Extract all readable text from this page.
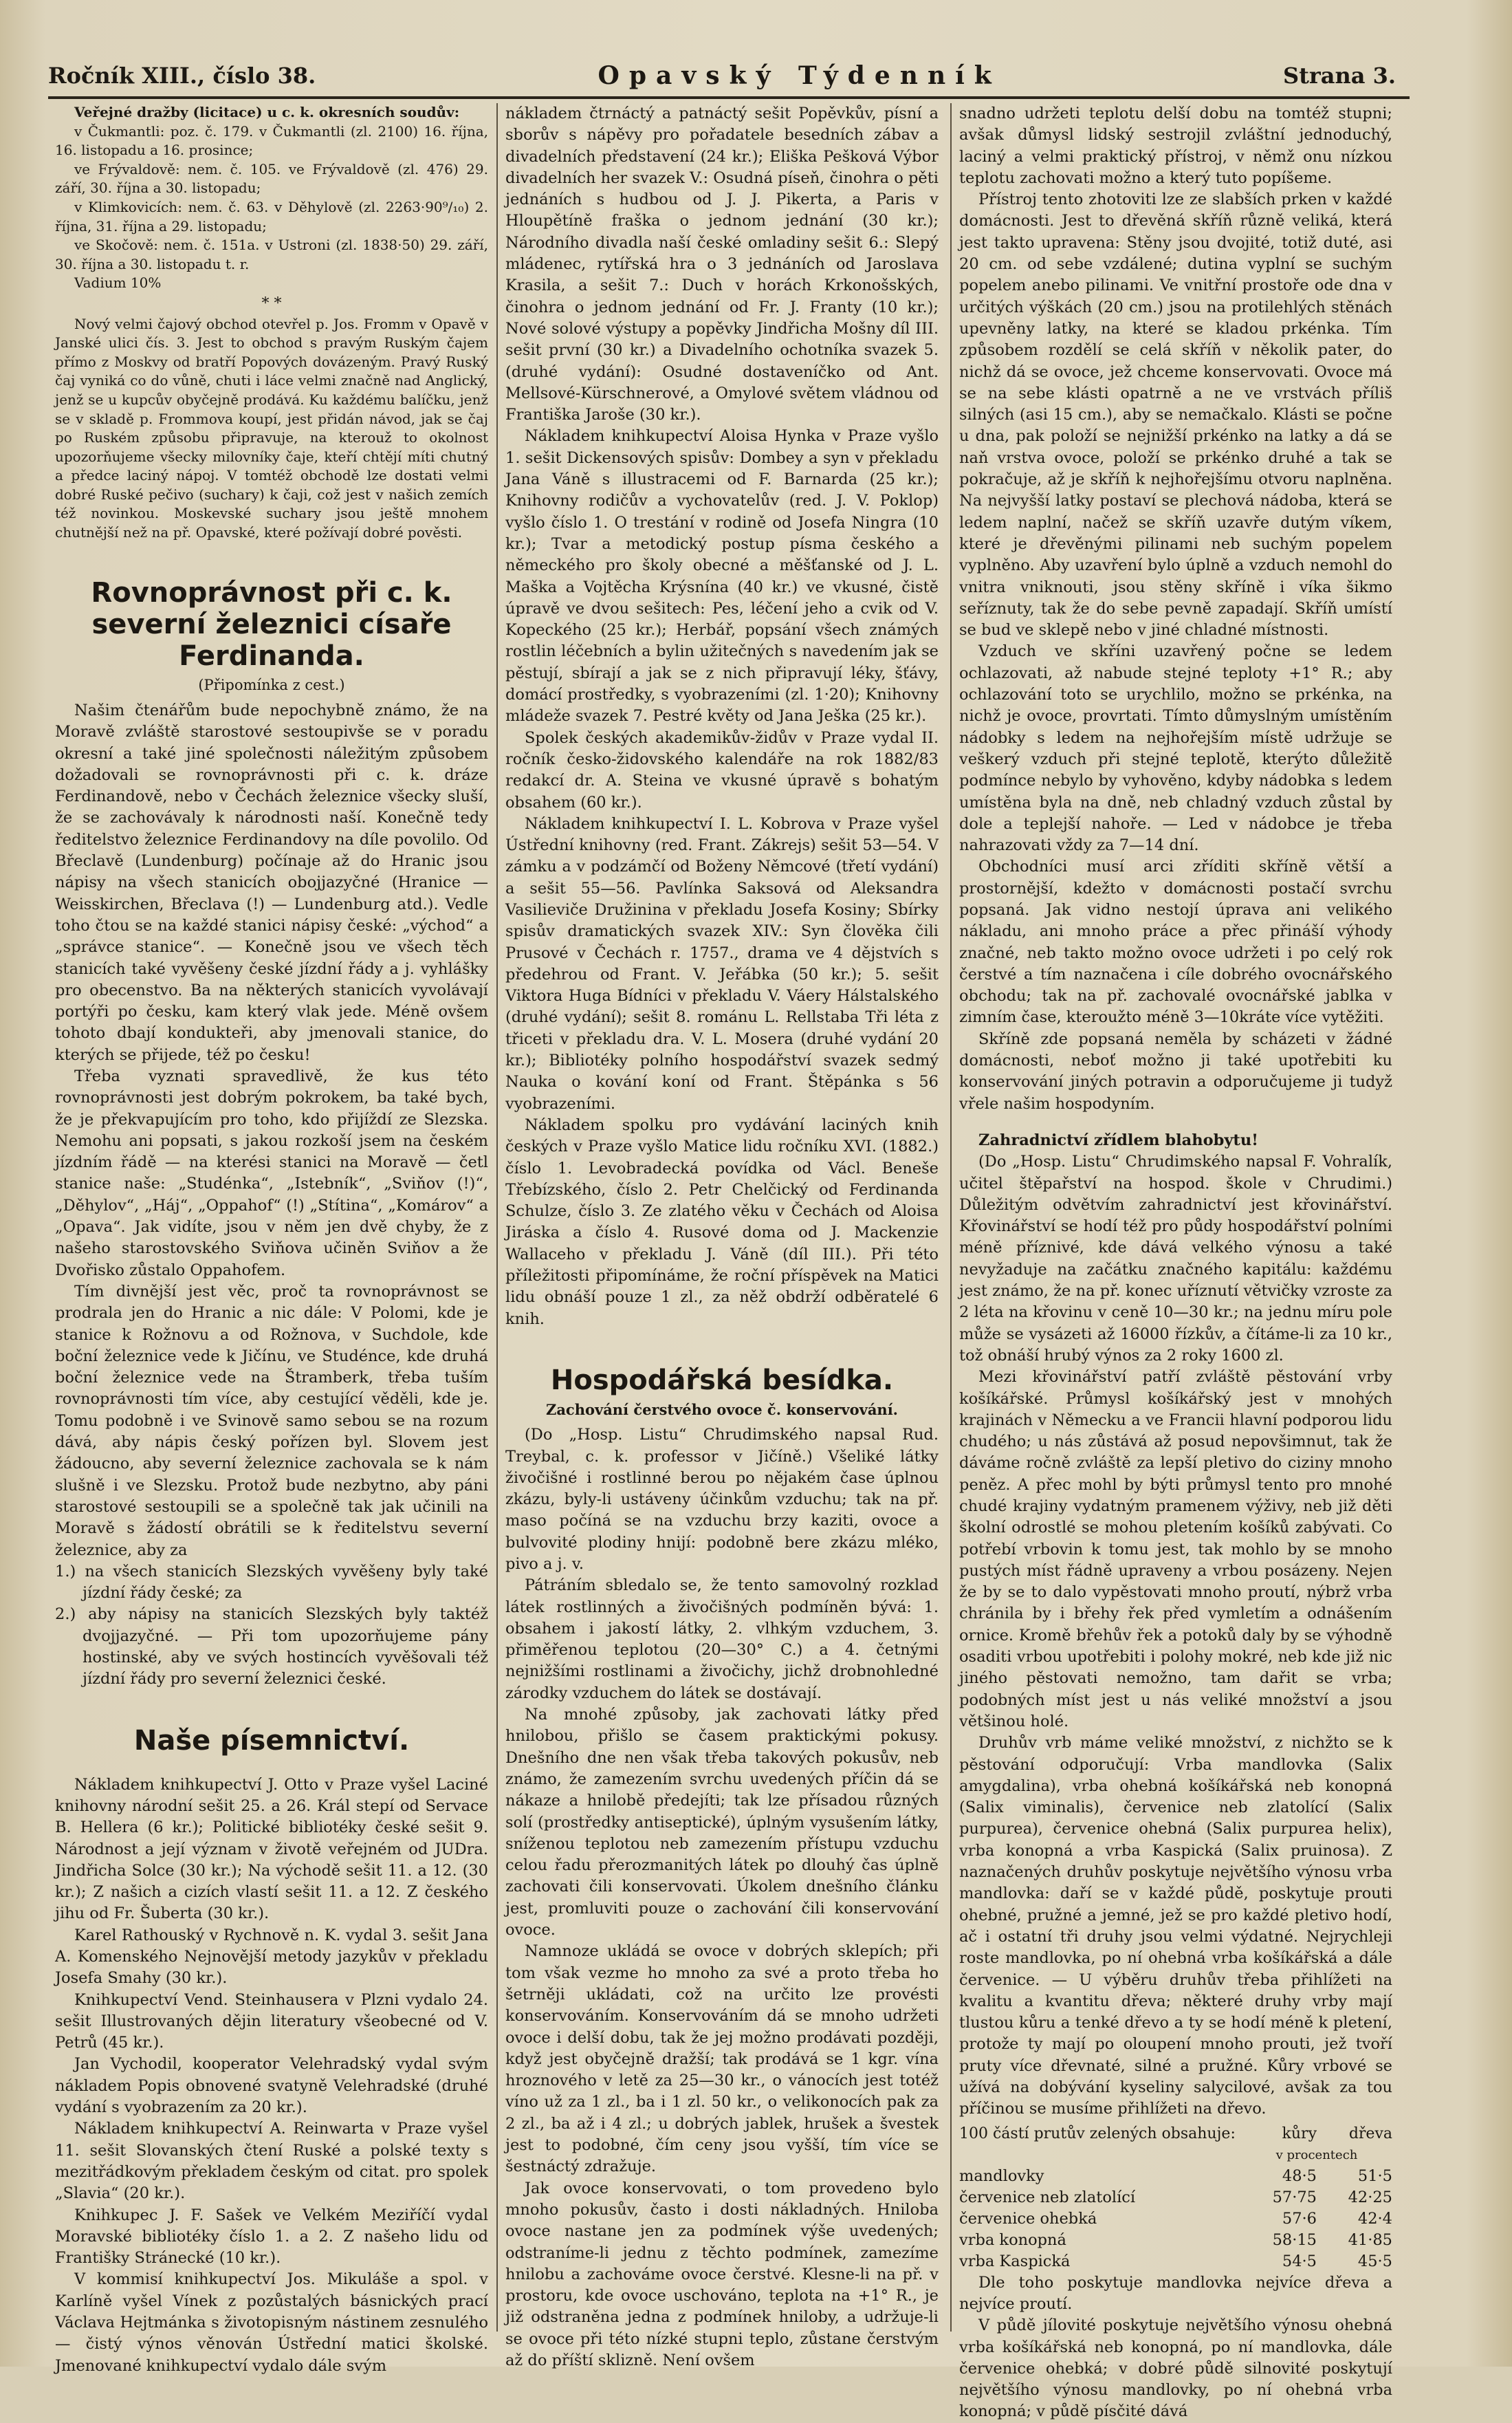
Ročník XIII., číslo 38.	Opavský Týdenník	Strana 3.

Veřejné dražby (licitace) u c. k. okresních soudův:

v Čukmantli: poz. č. 179. v Čukmantli (zl. 2100) 16. října, 16. listopadu a 16. prosince;

ve Frývaldově: nem. č. 105. ve Frývaldově (zl. 476) 29. září, 30. října a 30. listopadu;

v Klimkovicích: nem. č. 63. v Děhylově (zl. 2263·90⁹/₁₀) 2. října, 31. října a 29. listopadu;

ve Skočově: nem. č. 151a. v Ustroni (zl. 1838·50) 29. září, 30. října a 30. listopadu t. r.

Vadium 10%

* *

Nový velmi čajový obchod otevřel p. Jos. Fromm v Opavě v Janské ulici čís. 3. Jest to obchod s pravým Ruským čajem přímo z Moskvy od bratří Popových dovázeným. Pravý Ruský čaj vyniká co do vůně, chuti i láce velmi značně nad Anglický, jenž se u kupcův obyčejně prodává. Ku každému balíčku, jenž se v skladě p. Frommova koupí, jest přidán návod, jak se čaj po Ruském způsobu připravuje, na kterouž to okolnost upozorňujeme všecky milovníky čaje, kteří chtějí míti chutný a předce laciný nápoj. V tomtéž obchodě lze dostati velmi dobré Ruské pečivo (suchary) k čaji, což jest v našich zemích též novinkou. Moskevské suchary jsou ještě mnohem chutnější než na př. Opavské, které požívají dobré pověsti.

Rovnoprávnost při c. k. severní železnici císaře Ferdinanda.
(Připomínka z cest.)

Našim čtenářům bude nepochybně známo, že na Moravě zvláště starostové sestoupivše se v poradu okresní a také jiné společnosti náležitým způsobem dožadovali se rovnoprávnosti při c. k. dráze Ferdinandově, nebo v Čechách železnice všecky sluší, že se zachovávaly k národnosti naší. Konečně tedy ředitelstvo železnice Ferdinandovy na díle povolilo. Od Břeclavě (Lundenburg) počínaje až do Hranic jsou nápisy na všech stanicích obojjazyčné (Hranice — Weisskirchen, Břeclava (!) — Lundenburg atd.). Vedle toho čtou se na každé stanici nápisy české: „východ“ a „správce stanice“. — Konečně jsou ve všech těch stanicích také vyvěšeny české jízdní řády a j. vyhlášky pro obecenstvo. Ba na některých stanicích vyvolávají portýři po česku, kam který vlak jede. Méně ovšem tohoto dbají kondukteři, aby jmenovali stanice, do kterých se přijede, též po česku!

Třeba vyznati spravedlivě, že kus této rovnoprávnosti jest dobrým pokrokem, ba také bych, že je překvapujícím pro toho, kdo přijíždí ze Slezska. Nemohu ani popsati, s jakou rozkoší jsem na českém jízdním řádě — na kterési stanici na Moravě — četl stanice naše: „Studénka“, „Istebník“, „Sviňov (!)“, „Děhylov“, „Háj“, „Oppahof“ (!) „Stítina“, „Komárov“ a „Opava“. Jak vidíte, jsou v něm jen dvě chyby, že z našeho starostovského Sviňova učiněn Sviňov a že Dvořisko zůstalo Oppahofem.

Tím divnější jest věc, proč ta rovnoprávnost se prodrala jen do Hranic a nic dále: V Polomi, kde je stanice k Rožnovu a od Rožnova, v Suchdole, kde boční železnice vede k Jičínu, ve Studénce, kde druhá boční železnice vede na Štramberk, třeba tuším rovnoprávnosti tím více, aby cestující věděli, kde je. Tomu podobně i ve Svinově samo sebou se na rozum dává, aby nápis český pořízen byl. Slovem jest žádoucno, aby severní železnice zachovala se k nám slušně i ve Slezsku. Protož bude nezbytno, aby páni starostové sestoupili se a společně tak jak učinili na Moravě s žádostí obrátili se k ředitelstvu severní železnice, aby za

1.) na všech stanicích Slezských vyvěšeny byly také jízdní řády české; za

2.) aby nápisy na stanicích Slezských byly taktéž dvojjazyčné. — Při tom upozorňujeme pány hostinské, aby ve svých hostincích vyvěšovali též jízdní řády pro severní železnici české.

Naše písemnictví.

Nákladem knihkupectví J. Otto v Praze vyšel Laciné knihovny národní sešit 25. a 26. Král stepí od Servace B. Hellera (6 kr.); Politické bibliotéky české sešit 9. Národnost a její význam v životě veřejném od JUDra. Jindřicha Solce (30 kr.); Na východě sešit 11. a 12. (30 kr.); Z našich a cizích vlastí sešit 11. a 12. Z českého jihu od Fr. Šuberta (30 kr.).

Karel Rathouský v Rychnově n. K. vydal 3. sešit Jana A. Komenského Nejnovější metody jazykův v překladu Josefa Smahy (30 kr.).

Knihkupectví Vend. Steinhausera v Plzni vydalo 24. sešit Illustrovaných dějin literatury všeobecné od V. Petrů (45 kr.).

Jan Vychodil, kooperator Velehradský vydal svým nákladem Popis obnovené svatyně Velehradské (druhé vydání s vyobrazením za 20 kr.).

Nákladem knihkupectví A. Reinwarta v Praze vyšel 11. sešit Slovanských čtení Ruské a polské texty s mezitřádkovým překladem českým od citat. pro spolek „Slavia“ (20 kr.).

Knihkupec J. F. Sašek ve Velkém Meziříčí vydal Moravské bibliotéky číslo 1. a 2. Z našeho lidu od Františky Stránecké (10 kr.).

V kommisí knihkupectví Jos. Mikuláše a spol. v Karlíně vyšel Vínek z pozůstalých básnických prací Václava Hejtmánka s životopisným nástinem zesnulého — čistý výnos věnován Ústřední matici školské. Jmenované knihkupectví vydalo dále svým

nákladem čtrnáctý a patnáctý sešit Popěvkův, písní a sborův s nápěvy pro pořadatele besedních zábav a divadelních představení (24 kr.); Eliška Pešková Výbor divadelních her svazek V.: Osudná píseň, činohra o pěti jednáních s hudbou od J. J. Pikerta, a Paris v Hloupětíně fraška o jednom jednání (30 kr.); Národního divadla naší české omladiny sešit 6.: Slepý mládenec, rytířská hra o 3 jednáních od Jaroslava Krasila, a sešit 7.: Duch v horách Krkonošských, činohra o jednom jednání od Fr. J. Franty (10 kr.); Nové solové výstupy a popěvky Jindřicha Mošny díl III. sešit první (30 kr.) a Divadelního ochotníka svazek 5. (druhé vydání): Osudné dostaveníčko od Ant. Mellsové-Kürschnerové, a Omylové světem vládnou od Františka Jaroše (30 kr.).

Nákladem knihkupectví Aloisa Hynka v Praze vyšlo 1. sešit Dickensových spisův: Dombey a syn v překladu Jana Váně s illustracemi od F. Barnarda (25 kr.); Knihovny rodičův a vychovatelův (red. J. V. Poklop) vyšlo číslo 1. O trestání v rodině od Josefa Ningra (10 kr.); Tvar a metodický postup písma českého a německého pro školy obecné a měšťanské od J. L. Maška a Vojtěcha Krýsnína (40 kr.) ve vkusné, čistě úpravě ve dvou sešitech: Pes, léčení jeho a cvik od V. Kopeckého (25 kr.); Herbář, popsání všech známých rostlin léčebních a bylin užitečných s navedením jak se pěstují, sbírají a jak se z nich připravují léky, šťávy, domácí prostředky, s vyobrazeními (zl. 1·20); Knihovny mládeže svazek 7. Pestré květy od Jana Ješka (25 kr.).

Spolek českých akademikův-židův v Praze vydal II. ročník česko-židovského kalendáře na rok 1882/83 redakcí dr. A. Steina ve vkusné úpravě s bohatým obsahem (60 kr.).

Nákladem knihkupectví I. L. Kobrova v Praze vyšel Ústřední knihovny (red. Frant. Zákrejs) sešit 53—54. V zámku a v podzámčí od Boženy Němcové (třetí vydání) a sešit 55—56. Pavlínka Saksová od Aleksandra Vasilieviče Družinina v překladu Josefa Kosiny; Sbírky spisův dramatických svazek XIV.: Syn člověka čili Prusové v Čechách r. 1757., drama ve 4 dějstvích s předehrou od Frant. V. Jeřábka (50 kr.); 5. sešit Viktora Huga Bídníci v překladu V. Váery Hálstalského (druhé vydání); sešit 8. románu L. Rellstaba Tři léta z třiceti v překladu dra. V. L. Mosera (druhé vydání 20 kr.); Bibliotéky polního hospodářství svazek sedmý Nauka o kování koní od Frant. Štěpánka s 56 vyobrazeními.

Nákladem spolku pro vydávání laciných knih českých v Praze vyšlo Matice lidu ročníku XVI. (1882.) číslo 1. Levobradecká povídka od Václ. Beneše Třebízského, číslo 2. Petr Chelčický od Ferdinanda Schulze, číslo 3. Ze zlatého věku v Čechách od Aloisa Jiráska a číslo 4. Rusové doma od J. Mackenzie Wallaceho v překladu J. Váně (díl III.). Při této příležitosti připomínáme, že roční příspěvek na Matici lidu obnáší pouze 1 zl., za něž obdrží odběratelé 6 knih.

Hospodářská besídka.
Zachování čerstvého ovoce č. konservování.

(Do „Hosp. Listu“ Chrudimského napsal Rud. Treybal, c. k. professor v Jičíně.) Všeliké látky živočišné i rostlinné berou po nějakém čase úplnou zkázu, byly-li ustáveny účinkům vzduchu; tak na př. maso počíná se na vzduchu brzy kaziti, ovoce a bulvovité plodiny hnijí: podobně bere zkázu mléko, pivo a j. v.

Pátráním sbledalo se, že tento samovolný rozklad látek rostlinných a živočišných podmíněn bývá: 1. obsahem i jakostí látky, 2. vlhkým vzduchem, 3. přiměřenou teplotou (20—30° C.) a 4. četnými nejnižšími rostlinami a živočichy, jichž drobnohledné zárodky vzduchem do látek se dostávají.

Na mnohé způsoby, jak zachovati látky před hnilobou, přišlo se časem praktickými pokusy. Dnešního dne nen však třeba takových pokusův, neb známo, že zamezením svrchu uvedených příčin dá se nákaze a hnilobě předejíti; tak lze přísadou různých solí (prostředky antiseptické), úplným vysušením látky, sníženou teplotou neb zamezením přístupu vzduchu celou řadu přerozmanitých látek po dlouhý čas úplně zachovati čili konservovati. Úkolem dnešního článku jest, promluviti pouze o zachování čili konservování ovoce.

Namnoze ukládá se ovoce v dobrých sklepích; při tom však vezme ho mnoho za své a proto třeba ho šetrněji ukládati, což na určito lze provésti konservováním. Konservováním dá se mnoho udržeti ovoce i delší dobu, tak že jej možno prodávati později, když jest obyčejně dražší; tak prodává se 1 kgr. vína hroznového v letě za 25—30 kr., o vánocích jest totéž víno už za 1 zl., ba i 1 zl. 50 kr., o velikonocích pak za 2 zl., ba až i 4 zl.; u dobrých jablek, hrušek a švestek jest to podobné, čím ceny jsou vyšší, tím více se šestnáctý zdražuje.

Jak ovoce konservovati, o tom provedeno bylo mnoho pokusův, často i dosti nákladných. Hniloba ovoce nastane jen za podmínek výše uvedených; odstraníme-li jednu z těchto podmínek, zamezíme hnilobu a zachováme ovoce čerstvé. Klesne-li na př. v prostoru, kde ovoce uschováno, teplota na +1° R., je již odstraněna jedna z podmínek hniloby, a udržuje-li se ovoce při této nízké stupni teplo, zůstane čerstvým až do příští sklizně. Není ovšem

snadno udržeti teplotu delší dobu na tomtéž stupni; avšak důmysl lidský sestrojil zvláštní jednoduchý, laciný a velmi praktický přístroj, v němž onu nízkou teplotu zachovati možno a který tuto popíšeme.

Přístroj tento zhotoviti lze ze slabších prken v každé domácnosti. Jest to dřevěná skříň různě veliká, která jest takto upravena: Stěny jsou dvojité, totiž duté, asi 20 cm. od sebe vzdálené; dutina vyplní se suchým popelem anebo pilinami. Ve vnitřní prostoře ode dna v určitých výškách (20 cm.) jsou na protilehlých stěnách upevněny latky, na které se kladou prkénka. Tím způsobem rozdělí se celá skříň v několik pater, do nichž dá se ovoce, jež chceme konservovati. Ovoce má se na sebe klásti opatrně a ne ve vrstvách příliš silných (asi 15 cm.), aby se nemačkalo. Klásti se počne u dna, pak položí se nejnižší prkénko na latky a dá se naň vrstva ovoce, položí se prkénko druhé a tak se pokračuje, až je skříň k nejhořejšímu otvoru naplněna. Na nejvyšší latky postaví se plechová nádoba, která se ledem naplní, načež se skříň uzavře dutým víkem, které je dřevěnými pilinami neb suchým popelem vyplněno. Aby uzavření bylo úplně a vzduch nemohl do vnitra vniknouti, jsou stěny skříně i víka šikmo seříznuty, tak že do sebe pevně zapadají. Skříň umístí se bud ve sklepě nebo v jiné chladné místnosti.

Vzduch ve skříni uzavřený počne se ledem ochlazovati, až nabude stejné teploty +1° R.; aby ochlazování toto se urychlilo, možno se prkénka, na nichž je ovoce, provrtati. Tímto důmyslným umístěním nádobky s ledem na nejhořejším místě udržuje se veškerý vzduch při stejné teplotě, kterýto důležitě podmínce nebylo by vyhověno, kdyby nádobka s ledem umístěna byla na dně, neb chladný vzduch zůstal by dole a teplejší nahoře. — Led v nádobce je třeba nahrazovati vždy za 7—14 dní.

Obchodníci musí arci zříditi skříně větší a prostornější, kdežto v domácnosti postačí svrchu popsaná. Jak vidno nestojí úprava ani velikého nákladu, ani mnoho práce a přec přináší výhody značné, neb takto možno ovoce udržeti i po celý rok čerstvé a tím naznačena i cíle dobrého ovocnářského obchodu; tak na př. zachovalé ovocnářské jablka v zimním čase, kteroužto méně 3—10kráte více vytěžiti.

Skříně zde popsaná neměla by scházeti v žádné domácnosti, neboť možno ji také upotřebiti ku konservování jiných potravin a odporučujeme ji tudyž vřele našim hospodyním.

Zahradnictví zřídlem blahobytu!

(Do „Hosp. Listu“ Chrudimského napsal F. Vohralík, učitel štěpařství na hospod. škole v Chrudimi.) Důležitým odvětvím zahradnictví jest křovinářství. Křovinářství se hodí též pro půdy hospodářství polními méně příznivé, kde dává velkého výnosu a také nevyžaduje na začátku značného kapitálu: každému jest známo, že na př. konec uříznutí větvičky vzroste za 2 léta na křovinu v ceně 10—30 kr.; na jednu míru pole může se vysázeti až 16000 řízkův, a čítáme-li za 10 kr., tož obnáší hrubý výnos za 2 roky 1600 zl.

Mezi křovinářství patří zvláště pěstování vrby košíkářské. Průmysl košíkářský jest v mnohých krajinách v Německu a ve Francii hlavní podporou lidu chudého; u nás zůstává až posud nepovšimnut, tak že dáváme ročně zvláště za lepší pletivo do ciziny mnoho peněz. A přec mohl by býti průmysl tento pro mnohé chudé krajiny vydatným pramenem výživy, neb již děti školní odrostlé se mohou pletením košíků zabývati. Co potřebí vrbovin k tomu jest, tak mohlo by se mnoho pustých míst řádně upraveny a vrbou posázeny. Nejen že by se to dalo vypěstovati mnoho proutí, nýbrž vrba chránila by i břehy řek před vymletím a odnášením ornice. Kromě břehův řek a potoků daly by se výhodně osaditi vrbou upotřebiti i polohy mokré, neb kde již nic jiného pěstovati nemožno, tam dařit se vrba; podobných míst jest u nás veliké množství a jsou většinou holé.

Druhův vrb máme veliké množství, z nichžto se k pěstování odporučují: Vrba mandlovka (Salix amygdalina), vrba ohebná košíkářská neb konopná (Salix viminalis), červenice neb zlatolící (Salix purpurea), červenice ohebná (Salix purpurea helix), vrba konopná a vrba Kaspická (Salix pruinosa). Z naznačených druhův poskytuje největšího výnosu vrba mandlovka: daří se v každé půdě, poskytuje prouti ohebné, pružné a jemné, jež se pro každé pletivo hodí, ač i ostatní tři druhy jsou velmi výdatné. Nejrychleji roste mandlovka, po ní ohebná vrba košíkářská a dále červenice. — U výběru druhův třeba přihlížeti na kvalitu a kvantitu dřeva; některé druhy vrby mají tlustou kůru a tenké dřevo a ty se hodí méně k pletení, protože ty mají po oloupení mnoho prouti, jež tvoří pruty více dřevnaté, silné a pružné. Kůry vrbové se užívá na dobývání kyseliny salycilové, avšak za tou příčinou se musíme přihlížeti na dřevo.

100 částí prutův zelených obsahuje:	kůry	dřeva
	v procentech	
mandlovky	48·5	51·5
červenice neb zlatolící	57·75	42·25
červenice ohebká	57·6	42·4
vrba konopná	58·15	41·85
vrba Kaspická	54·5	45·5

Dle toho poskytuje mandlovka nejvíce dřeva a nejvíce proutí.

V půdě jílovité poskytuje největšího výnosu ohebná vrba košíkářská neb konopná, po ní mandlovka, dále červenice ohebká; v dobré půdě silnovité poskytují největšího výnosu mandlovky, po ní ohebná vrba konopná; v půdě písčité dává
